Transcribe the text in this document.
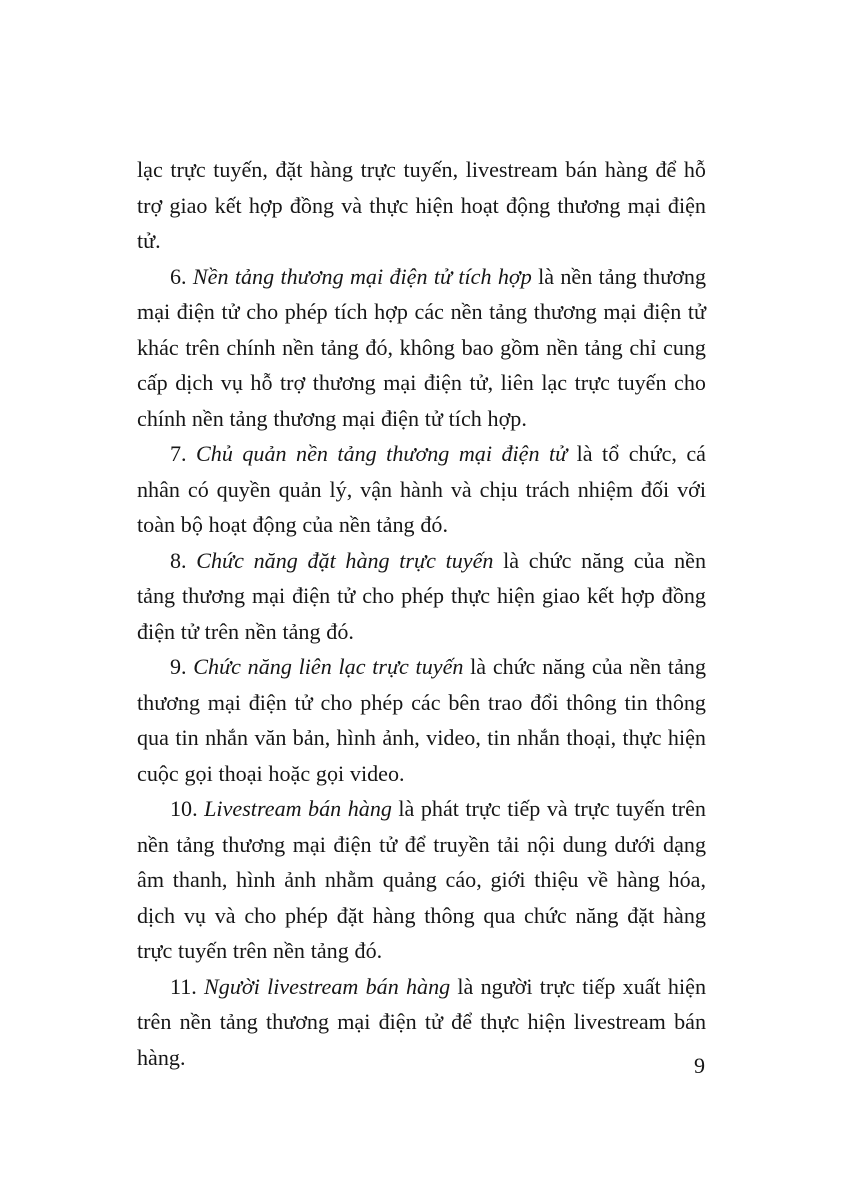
lạc trực tuyến, đặt hàng trực tuyến, livestream bán hàng để hỗ trợ giao kết hợp đồng và thực hiện hoạt động thương mại điện tử.

6. Nền tảng thương mại điện tử tích hợp là nền tảng thương mại điện tử cho phép tích hợp các nền tảng thương mại điện tử khác trên chính nền tảng đó, không bao gồm nền tảng chỉ cung cấp dịch vụ hỗ trợ thương mại điện tử, liên lạc trực tuyến cho chính nền tảng thương mại điện tử tích hợp.

7. Chủ quản nền tảng thương mại điện tử là tổ chức, cá nhân có quyền quản lý, vận hành và chịu trách nhiệm đối với toàn bộ hoạt động của nền tảng đó.

8. Chức năng đặt hàng trực tuyến là chức năng của nền tảng thương mại điện tử cho phép thực hiện giao kết hợp đồng điện tử trên nền tảng đó.

9. Chức năng liên lạc trực tuyến là chức năng của nền tảng thương mại điện tử cho phép các bên trao đổi thông tin thông qua tin nhắn văn bản, hình ảnh, video, tin nhắn thoại, thực hiện cuộc gọi thoại hoặc gọi video.

10. Livestream bán hàng là phát trực tiếp và trực tuyến trên nền tảng thương mại điện tử để truyền tải nội dung dưới dạng âm thanh, hình ảnh nhằm quảng cáo, giới thiệu về hàng hóa, dịch vụ và cho phép đặt hàng thông qua chức năng đặt hàng trực tuyến trên nền tảng đó.

11. Người livestream bán hàng là người trực tiếp xuất hiện trên nền tảng thương mại điện tử để thực hiện livestream bán hàng.	9
